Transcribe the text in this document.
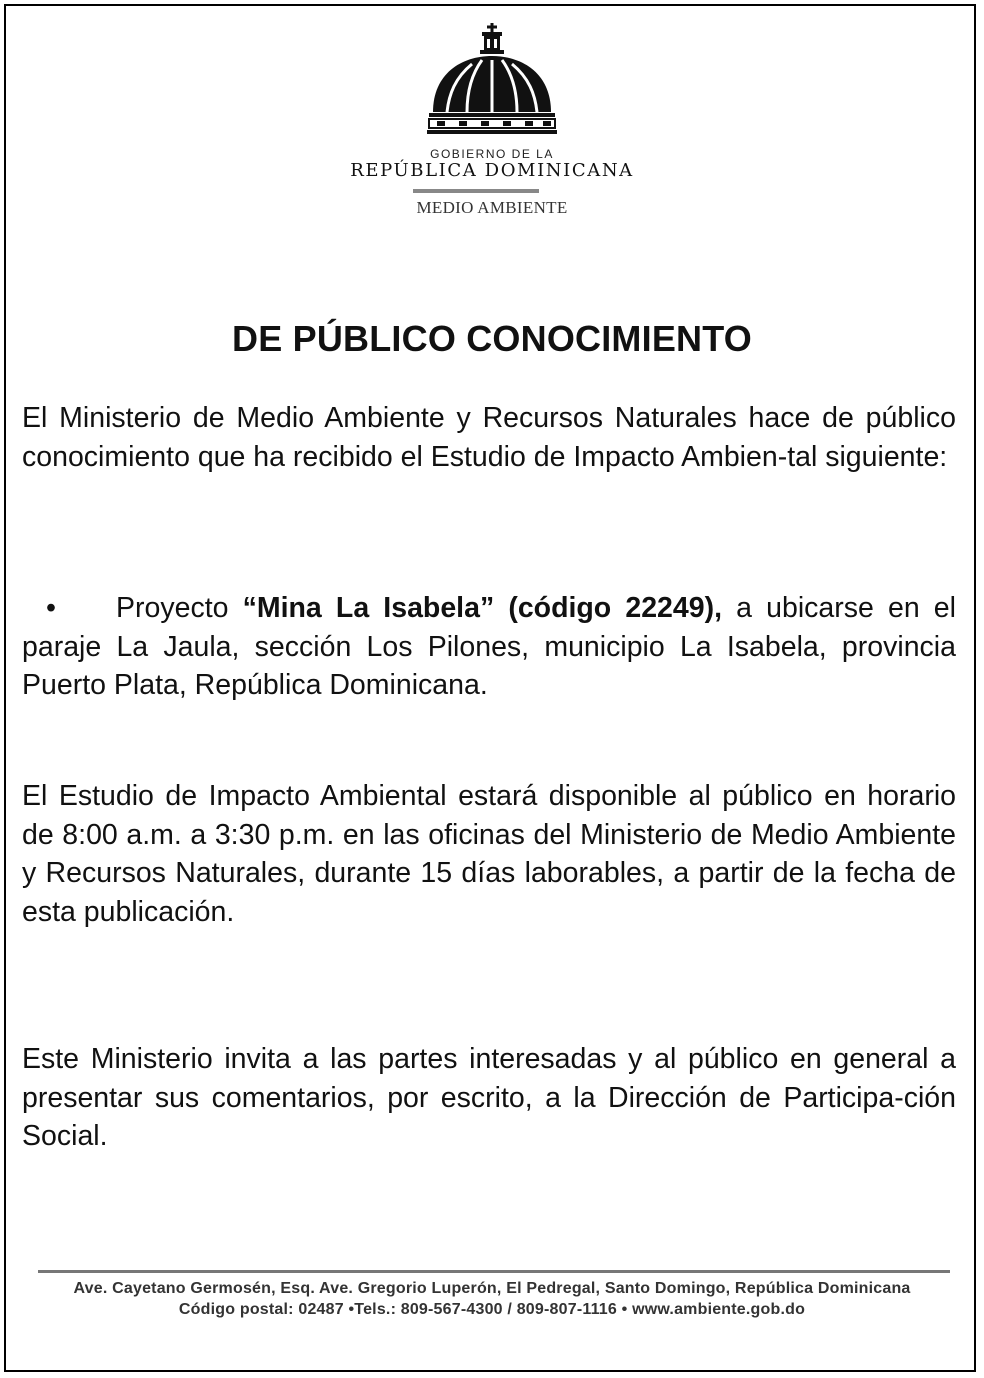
GOBIERNO DE LA
REPÚBLICA DOMINICANA
MEDIO AMBIENTE
DE PÚBLICO CONOCIMIENTO
El Ministerio de Medio Ambiente y Recursos Naturales hace de público conocimiento que ha recibido el Estudio de Impacto Ambien-tal siguiente:
• Proyecto “Mina La Isabela” (código 22249), a ubicarse en el paraje La Jaula, sección Los Pilones, municipio La Isabela, provincia Puerto Plata, República Dominicana.
El Estudio de Impacto Ambiental estará disponible al público en horario de 8:00 a.m. a 3:30 p.m. en las oficinas del Ministerio de Medio Ambiente y Recursos Naturales, durante 15 días laborables, a partir de la fecha de esta publicación.
Este Ministerio invita a las partes interesadas y al público en general a presentar sus comentarios, por escrito, a la Dirección de Participa-ción Social.
Ave. Cayetano Germosén, Esq. Ave. Gregorio Luperón, El Pedregal, Santo Domingo, República Dominicana
Código postal: 02487 •Tels.: 809-567-4300 / 809-807-1116 • www.ambiente.gob.do
